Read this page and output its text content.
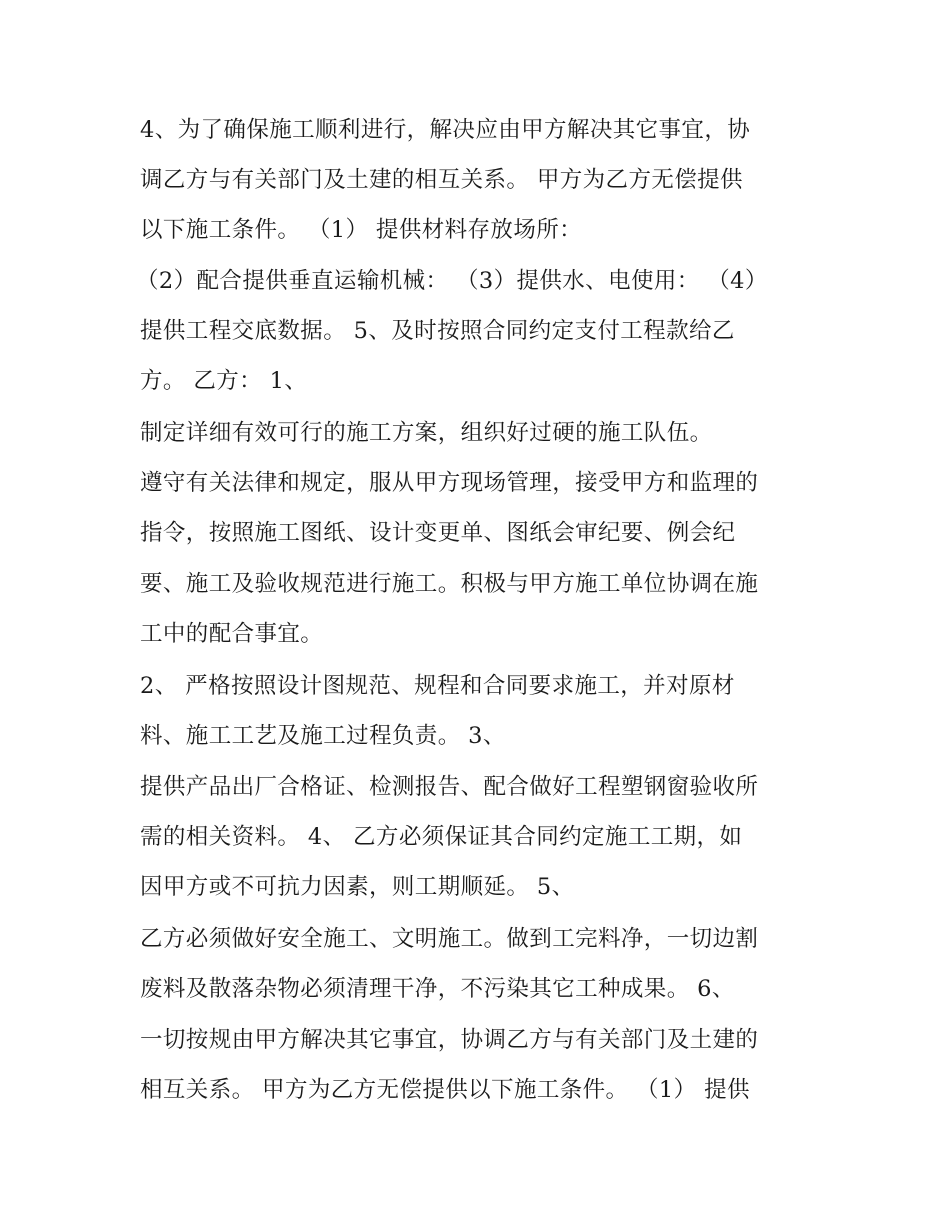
4、为了确保施工顺利进行，解决应由甲方解决其它事宜，协
调乙方与有关部门及土建的相互关系。 甲方为乙方无偿提供
以下施工条件。 （1） 提供材料存放场所：
（2）配合提供垂直运输机械： （3）提供水、电使用： （4）
提供工程交底数据。 5、及时按照合同约定支付工程款给乙
方。 乙方： 1、
制定详细有效可行的施工方案，组织好过硬的施工队伍。
遵守有关法律和规定，服从甲方现场管理，接受甲方和监理的
指令，按照施工图纸、设计变更单、图纸会审纪要、例会纪
要、施工及验收规范进行施工。积极与甲方施工单位协调在施
工中的配合事宜。
2、 严格按照设计图规范、规程和合同要求施工，并对原材
料、施工工艺及施工过程负责。 3、
提供产品出厂合格证、检测报告、配合做好工程塑钢窗验收所
需的相关资料。 4、 乙方必须保证其合同约定施工工期，如
因甲方或不可抗力因素，则工期顺延。 5、
乙方必须做好安全施工、文明施工。做到工完料净，一切边割
废料及散落杂物必须清理干净，不污染其它工种成果。 6、
一切按规由甲方解决其它事宜，协调乙方与有关部门及土建的
相互关系。 甲方为乙方无偿提供以下施工条件。 （1） 提供
